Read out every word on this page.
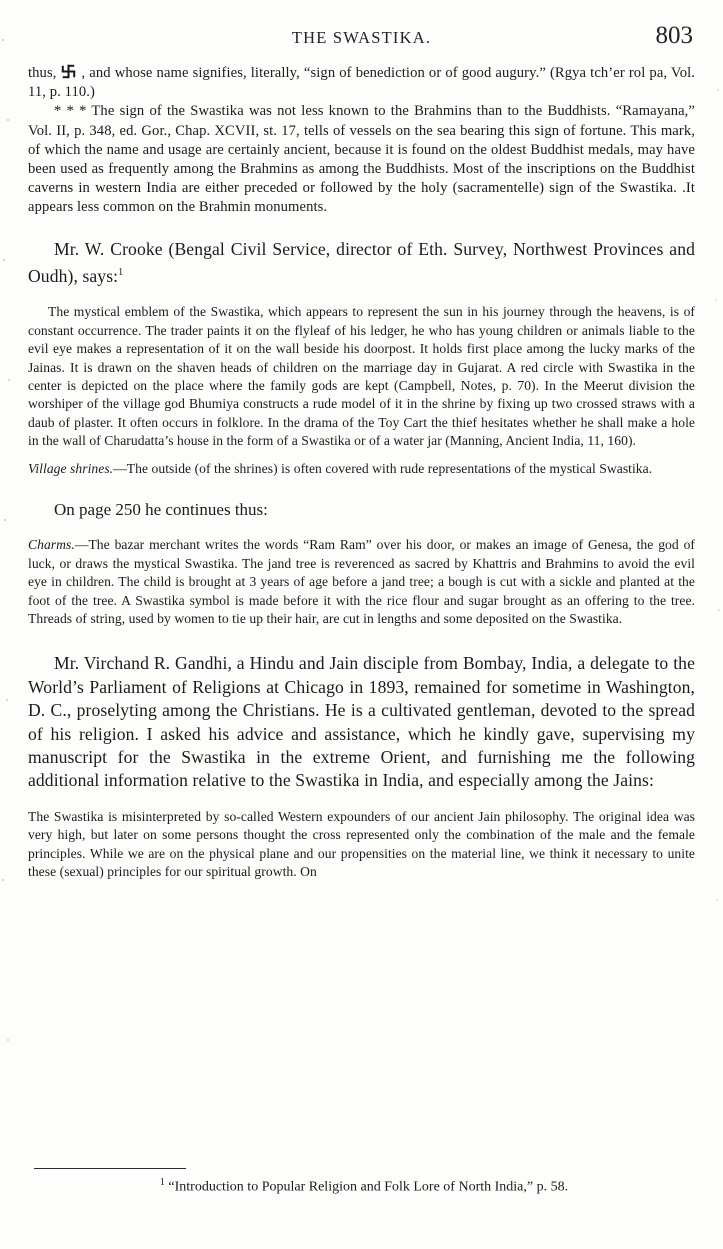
THE SWASTIKA.	803

thus, , and whose name signifies, literally, “sign of benediction or of good augury.” (Rgya tch’er rol pa, Vol. 11, p. 110.)

* * * The sign of the Swastika was not less known to the Brahmins than to the Buddhists. “Ramayana,” Vol. II, p. 348, ed. Gor., Chap. XCVII, st. 17, tells of vessels on the sea bearing this sign of fortune. This mark, of which the name and usage are certainly ancient, because it is found on the oldest Buddhist medals, may have been used as frequently among the Brahmins as among the Buddhists. Most of the inscriptions on the Buddhist caverns in western India are either preceded or followed by the holy (sacramentelle) sign of the Swastika. .It appears less common on the Brahmin monuments.

Mr. W. Crooke (Bengal Civil Service, director of Eth. Survey, Northwest Provinces and Oudh), says:$^1$

The mystical emblem of the Swastika, which appears to represent the sun in his journey through the heavens, is of constant occurrence. The trader paints it on the flyleaf of his ledger, he who has young children or animals liable to the evil eye makes a representation of it on the wall beside his doorpost. It holds first place among the lucky marks of the Jainas. It is drawn on the shaven heads of children on the marriage day in Gujarat. A red circle with Swastika in the center is depicted on the place where the family gods are kept (Campbell, Notes, p. 70). In the Meerut division the worshiper of the village god Bhumiya constructs a rude model of it in the shrine by fixing up two crossed straws with a daub of plaster. It often occurs in folklore. In the drama of the Toy Cart the thief hesitates whether he shall make a hole in the wall of Charudatta’s house in the form of a Swastika or of a water jar (Manning, Ancient India, 11, 160).

Village shrines.—The outside (of the shrines) is often covered with rude representations of the mystical Swastika.

On page 250 he continues thus:

Charms.—The bazar merchant writes the words “Ram Ram” over his door, or makes an image of Genesa, the god of luck, or draws the mystical Swastika. The jand tree is reverenced as sacred by Khattris and Brahmins to avoid the evil eye in children. The child is brought at 3 years of age before a jand tree; a bough is cut with a sickle and planted at the foot of the tree. A Swastika symbol is made before it with the rice flour and sugar brought as an offering to the tree. Threads of string, used by women to tie up their hair, are cut in lengths and some deposited on the Swastika.

Mr. Virchand R. Gandhi, a Hindu and Jain disciple from Bombay, India, a delegate to the World’s Parliament of Religions at Chicago in 1893, remained for sometime in Washington, D. C., proselyting among the Christians. He is a cultivated gentleman, devoted to the spread of his religion. I asked his advice and assistance, which he kindly gave, supervising my manuscript for the Swastika in the extreme Orient, and furnishing me the following additional information relative to the Swastika in India, and especially among the Jains:

The Swastika is misinterpreted by so-called Western expounders of our ancient Jain philosophy. The original idea was very high, but later on some persons thought the cross represented only the combination of the male and the female principles. While we are on the physical plane and our propensities on the material line, we think it necessary to unite these (sexual) principles for our spiritual growth. On

$^1$ “Introduction to Popular Religion and Folk Lore of North India,” p. 58.
